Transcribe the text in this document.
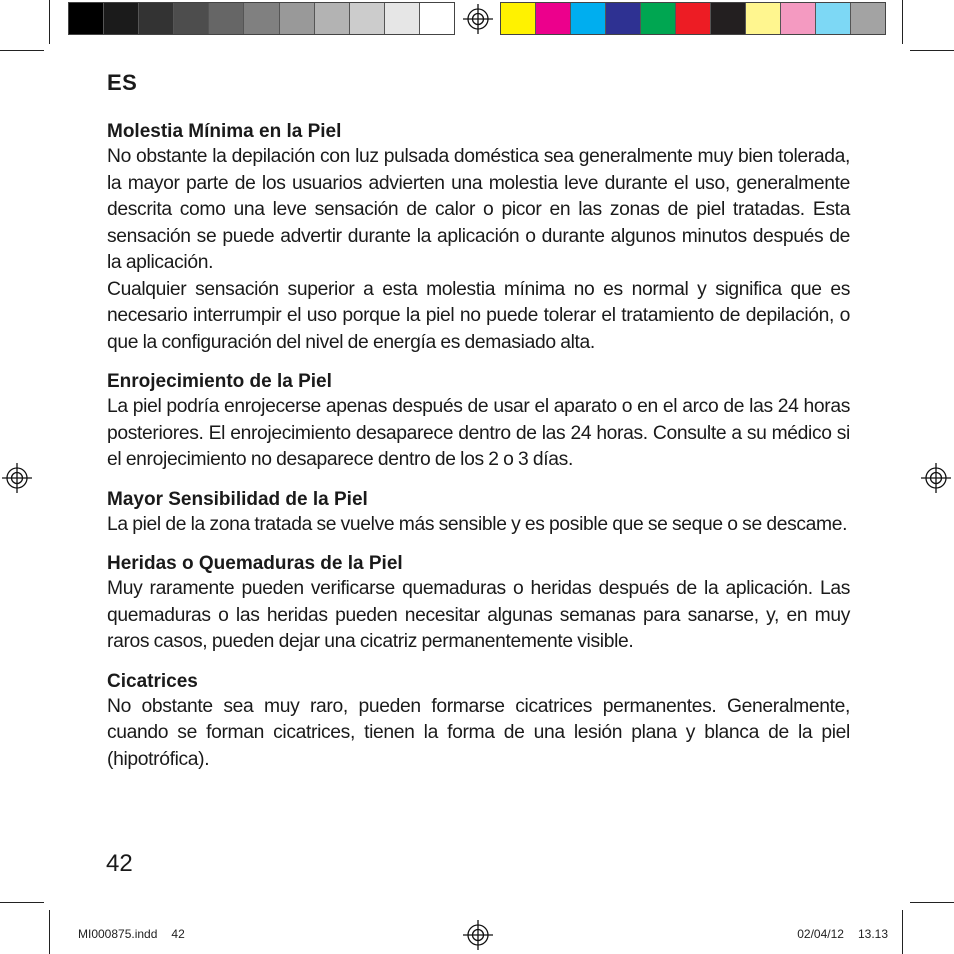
ES
Molestia Mínima en la Piel

No obstante la depilación con luz pulsada doméstica sea generalmente muy bien tolerada, la mayor parte de los usuarios advierten una molestia leve durante el uso, generalmente descrita como una leve sensación de calor o picor en las zonas de piel tratadas. Esta sensación se puede advertir durante la aplicación o durante algunos minutos después de la aplicación.

Cualquier sensación superior a esta molestia mínima no es normal y significa que es necesario interrumpir el uso porque la piel no puede tolerar el tratamiento de depilación, o que la configuración del nivel de energía es demasiado alta.

Enrojecimiento de la Piel

La piel podría enrojecerse apenas después de usar el aparato o en el arco de las 24 horas posteriores. El enrojecimiento desaparece dentro de las 24 horas. Consulte a su médico si el enrojecimiento no desaparece dentro de los 2 o 3 días.

Mayor Sensibilidad de la Piel

La piel de la zona tratada se vuelve más sensible y es posible que se seque o se descame.

Heridas o Quemaduras de la Piel

Muy raramente pueden verificarse quemaduras o heridas después de la aplicación. Las quemaduras o las heridas pueden necesitar algunas semanas para sanarse, y, en muy raros casos, pueden dejar una cicatriz permanentemente visible.

Cicatrices

No obstante sea muy raro, pueden formarse cicatrices permanentes. Generalmente, cuando se forman cicatrices, tienen la forma de una lesión plana y blanca de la piel (hipotrófica).

42
MI000875.indd 42	02/04/12 13.13
